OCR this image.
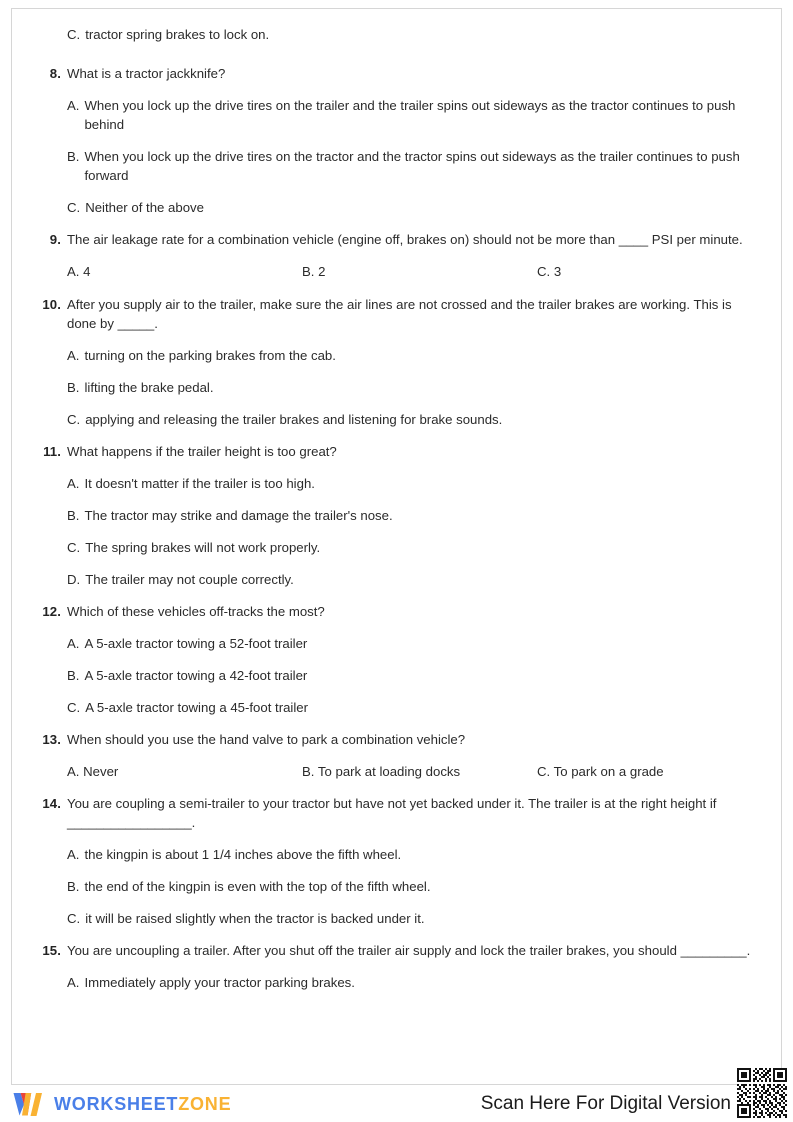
C. tractor spring brakes to lock on.
8. What is a tractor jackknife?
A. When you lock up the drive tires on the trailer and the trailer spins out sideways as the tractor continues to push behind
B. When you lock up the drive tires on the tractor and the tractor spins out sideways as the trailer continues to push forward
C. Neither of the above
9. The air leakage rate for a combination vehicle (engine off, brakes on) should not be more than ____ PSI per minute.
A. 4	B. 2	C. 3
10. After you supply air to the trailer, make sure the air lines are not crossed and the trailer brakes are working. This is done by _____.
A. turning on the parking brakes from the cab.
B. lifting the brake pedal.
C. applying and releasing the trailer brakes and listening for brake sounds.
11. What happens if the trailer height is too great?
A. It doesn't matter if the trailer is too high.
B. The tractor may strike and damage the trailer's nose.
C. The spring brakes will not work properly.
D. The trailer may not couple correctly.
12. Which of these vehicles off-tracks the most?
A. A 5-axle tractor towing a 52-foot trailer
B. A 5-axle tractor towing a 42-foot trailer
C. A 5-axle tractor towing a 45-foot trailer
13. When should you use the hand valve to park a combination vehicle?
A. Never	B. To park at loading docks	C. To park on a grade
14. You are coupling a semi-trailer to your tractor but have not yet backed under it. The trailer is at the right height if _________________.
A. the kingpin is about 1 1/4 inches above the fifth wheel.
B. the end of the kingpin is even with the top of the fifth wheel.
C. it will be raised slightly when the tractor is backed under it.
15. You are uncoupling a trailer. After you shut off the trailer air supply and lock the trailer brakes, you should _________.
A. Immediately apply your tractor parking brakes.
WORKSHEETZONE	Scan Here For Digital Version
